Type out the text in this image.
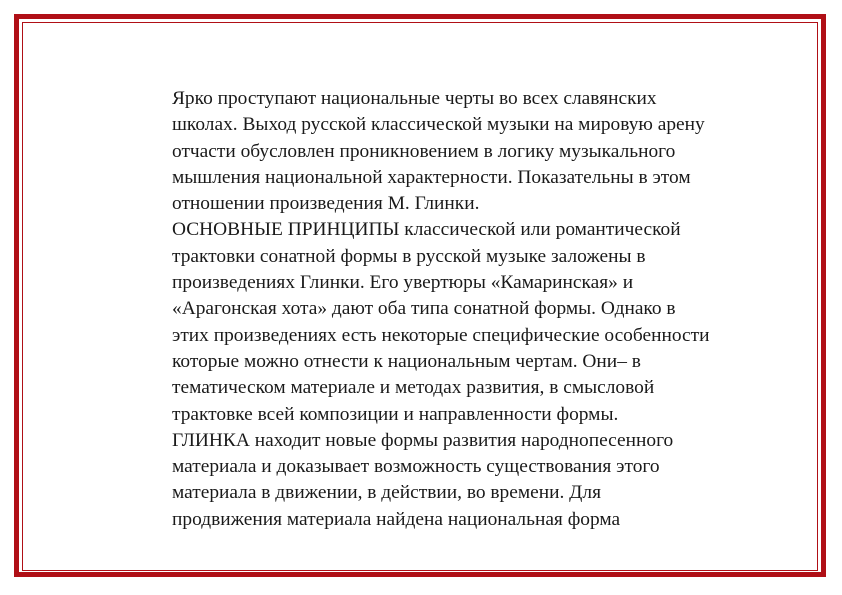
Ярко проступают национальные черты во всех славянских
школах. Выход русской классической музыки на мировую арену
отчасти обусловлен проникновением в логику музыкального
мышления национальной характерности. Показательны в этом
отношении произведения М. Глинки.
ОСНОВНЫЕ ПРИНЦИПЫ классической или романтической
трактовки сонатной формы в русской музыке заложены в
произведениях Глинки. Его увертюры «Камаринская» и
«Арагонская хота» дают оба типа сонатной формы. Однако в
этих произведениях есть некоторые специфические особенности
которые можно отнести к национальным чертам. Они– в
тематическом материале и методах развития, в смысловой
трактовке всей композиции и направленности формы.
ГЛИНКА находит новые формы развития народнопесенного
материала и доказывает возможность существования этого
материала в движении, в действии, во времени. Для
продвижения материала найдена национальная форма
